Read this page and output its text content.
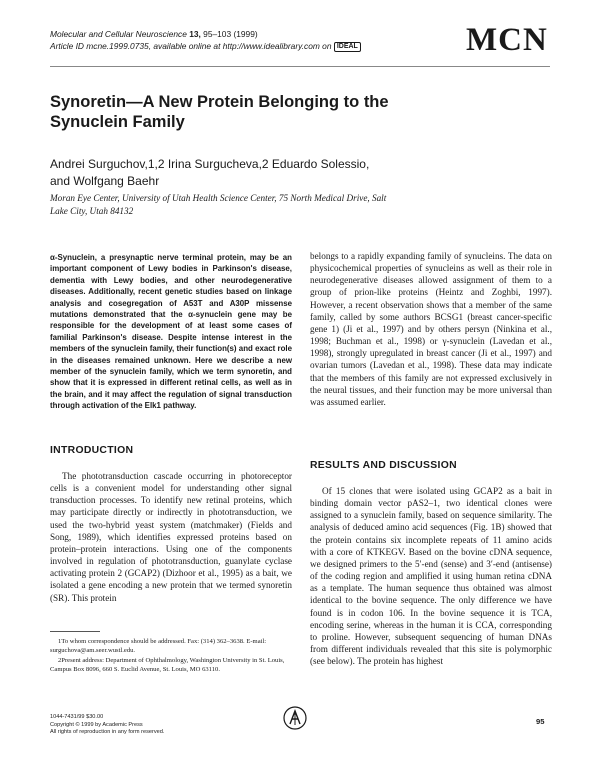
Molecular and Cellular Neuroscience 13, 95–103 (1999)
Article ID mcne.1999.0735, available online at http://www.idealibrary.com on IDEAL	MCN
Synoretin—A New Protein Belonging to the Synuclein Family
Andrei Surguchov,1,2 Irina Surgucheva,2 Eduardo Solessio, and Wolfgang Baehr
Moran Eye Center, University of Utah Health Science Center, 75 North Medical Drive, Salt Lake City, Utah 84132
α-Synuclein, a presynaptic nerve terminal protein, may be an important component of Lewy bodies in Parkinson's disease, dementia with Lewy bodies, and other neurodegenerative diseases. Additionally, recent genetic studies based on linkage analysis and cosegregation of A53T and A30P missense mutations demonstrated that the α-synuclein gene may be responsible for the development of at least some cases of familial Parkinson's disease. Despite intense interest in the members of the synuclein family, their function(s) and exact role in the diseases remained unknown. Here we describe a new member of the synuclein family, which we term synoretin, and show that it is expressed in different retinal cells, as well as in the brain, and it may affect the regulation of signal transduction through activation of the Elk1 pathway.
INTRODUCTION

The phototransduction cascade occurring in photoreceptor cells is a convenient model for understanding other signal transduction processes. To identify new retinal proteins, which may participate directly or indirectly in phototransduction, we used the two-hybrid yeast system (matchmaker) (Fields and Song, 1989), which identifies expressed proteins based on protein–protein interactions. Using one of the components involved in regulation of phototransduction, guanylate cyclase activating protein 2 (GCAP2) (Dizhoor et al., 1995) as a bait, we isolated a gene encoding a new protein that we termed synoretin (SR). This protein

1To whom correspondence should be addressed. Fax: (314) 362–3638. E-mail: surguchova@am.seer.wustl.edu.

2Present address: Department of Ophthalmology, Washington University in St. Louis, Campus Box 8096, 660 S. Euclid Avenue, St. Louis, MO 63110.

1044-7431/99 $30.00
Copyright © 1999 by Academic Press
All rights of reproduction in any form reserved.

belongs to a rapidly expanding family of synucleins. The data on physicochemical properties of synucleins as well as their role in neurodegenerative diseases allowed assignment of them to a group of prion-like proteins (Heintz and Zoghbi, 1997). However, a recent observation shows that a member of the same family, called by some authors BCSG1 (breast cancer-specific gene 1) (Ji et al., 1997) and by others persyn (Ninkina et al., 1998; Buchman et al., 1998) or γ-synuclein (Lavedan et al., 1998), strongly upregulated in breast cancer (Ji et al., 1997) and ovarian tumors (Lavedan et al., 1998). These data may indicate that the members of this family are not expressed exclusively in the neural tissues, and their function may be more universal than was assumed earlier.

RESULTS AND DISCUSSION

Of 15 clones that were isolated using GCAP2 as a bait in binding domain vector pAS2–1, two identical clones were assigned to a synuclein family, based on sequence similarity. The analysis of deduced amino acid sequences (Fig. 1B) showed that the protein contains six incomplete repeats of 11 amino acids with a core of KTKEGV. Based on the bovine cDNA sequence, we designed primers to the 5′-end (sense) and 3′-end (antisense) of the coding region and amplified it using human retina cDNA as a template. The human sequence thus obtained was almost identical to the bovine sequence. The only difference we have found is in codon 106. In the bovine sequence it is TCA, encoding serine, whereas in the human it is CCA, corresponding to proline. However, subsequent sequencing of human DNAs from different individuals revealed that this site is polymorphic (see below). The protein has highest

95
